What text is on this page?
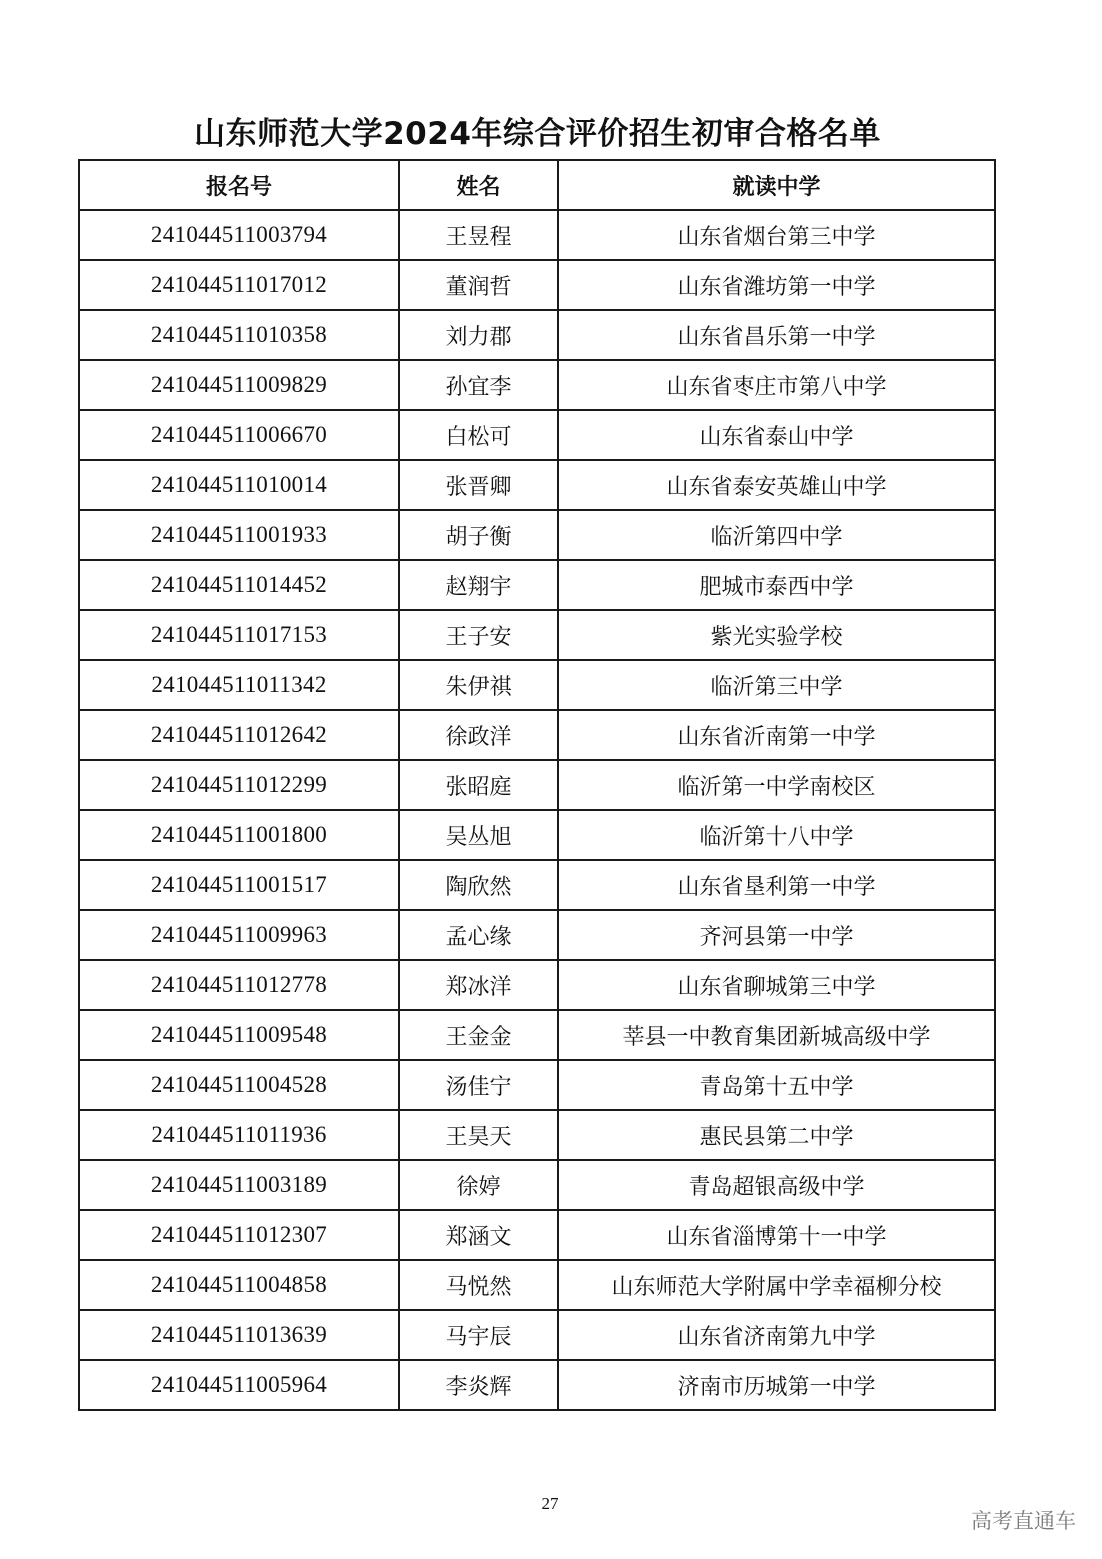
山东师范大学2024年综合评价招生初审合格名单
报名号	姓名	就读中学
241044511003794	王昱程	山东省烟台第三中学
241044511017012	董润哲	山东省潍坊第一中学
241044511010358	刘力郡	山东省昌乐第一中学
241044511009829	孙宜李	山东省枣庄市第八中学
241044511006670	白松可	山东省泰山中学
241044511010014	张晋卿	山东省泰安英雄山中学
241044511001933	胡子衡	临沂第四中学
241044511014452	赵翔宇	肥城市泰西中学
241044511017153	王子安	紫光实验学校
241044511011342	朱伊祺	临沂第三中学
241044511012642	徐政洋	山东省沂南第一中学
241044511012299	张昭庭	临沂第一中学南校区
241044511001800	吴丛旭	临沂第十八中学
241044511001517	陶欣然	山东省垦利第一中学
241044511009963	孟心缘	齐河县第一中学
241044511012778	郑冰洋	山东省聊城第三中学
241044511009548	王金金	莘县一中教育集团新城高级中学
241044511004528	汤佳宁	青岛第十五中学
241044511011936	王昊天	惠民县第二中学
241044511003189	徐婷	青岛超银高级中学
241044511012307	郑涵文	山东省淄博第十一中学
241044511004858	马悦然	山东师范大学附属中学幸福柳分校
241044511013639	马宇辰	山东省济南第九中学
241044511005964	李炎辉	济南市历城第一中学
27
高考直通车
